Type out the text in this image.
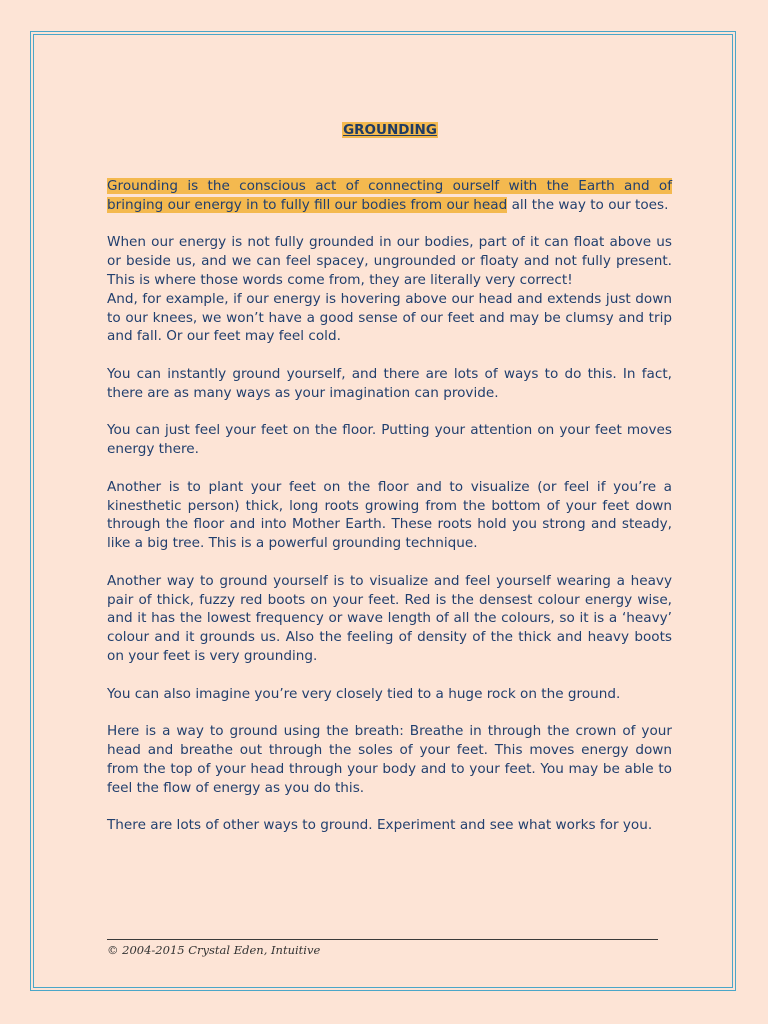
GROUNDING

Grounding is the conscious act of connecting ourself with the Earth and of bringing our energy in to fully fill our bodies from our head all the way to our toes.

When our energy is not fully grounded in our bodies, part of it can float above us or beside us, and we can feel spacey, ungrounded or floaty and not fully present. This is where those words come from, they are literally very correct!

And, for example, if our energy is hovering above our head and extends just down to our knees, we won’t have a good sense of our feet and may be clumsy and trip and fall. Or our feet may feel cold.

You can instantly ground yourself, and there are lots of ways to do this. In fact, there are as many ways as your imagination can provide.

You can just feel your feet on the floor. Putting your attention on your feet moves energy there.

Another is to plant your feet on the floor and to visualize (or feel if you’re a kinesthetic person) thick, long roots growing from the bottom of your feet down through the floor and into Mother Earth. These roots hold you strong and steady, like a big tree. This is a powerful grounding technique.

Another way to ground yourself is to visualize and feel yourself wearing a heavy pair of thick, fuzzy red boots on your feet. Red is the densest colour energy wise, and it has the lowest frequency or wave length of all the colours, so it is a ‘heavy’ colour and it grounds us. Also the feeling of density of the thick and heavy boots on your feet is very grounding.

You can also imagine you’re very closely tied to a huge rock on the ground.

Here is a way to ground using the breath: Breathe in through the crown of your head and breathe out through the soles of your feet. This moves energy down from the top of your head through your body and to your feet. You may be able to feel the flow of energy as you do this.

There are lots of other ways to ground. Experiment and see what works for you.

© 2004-2015 Crystal Eden, Intuitive
